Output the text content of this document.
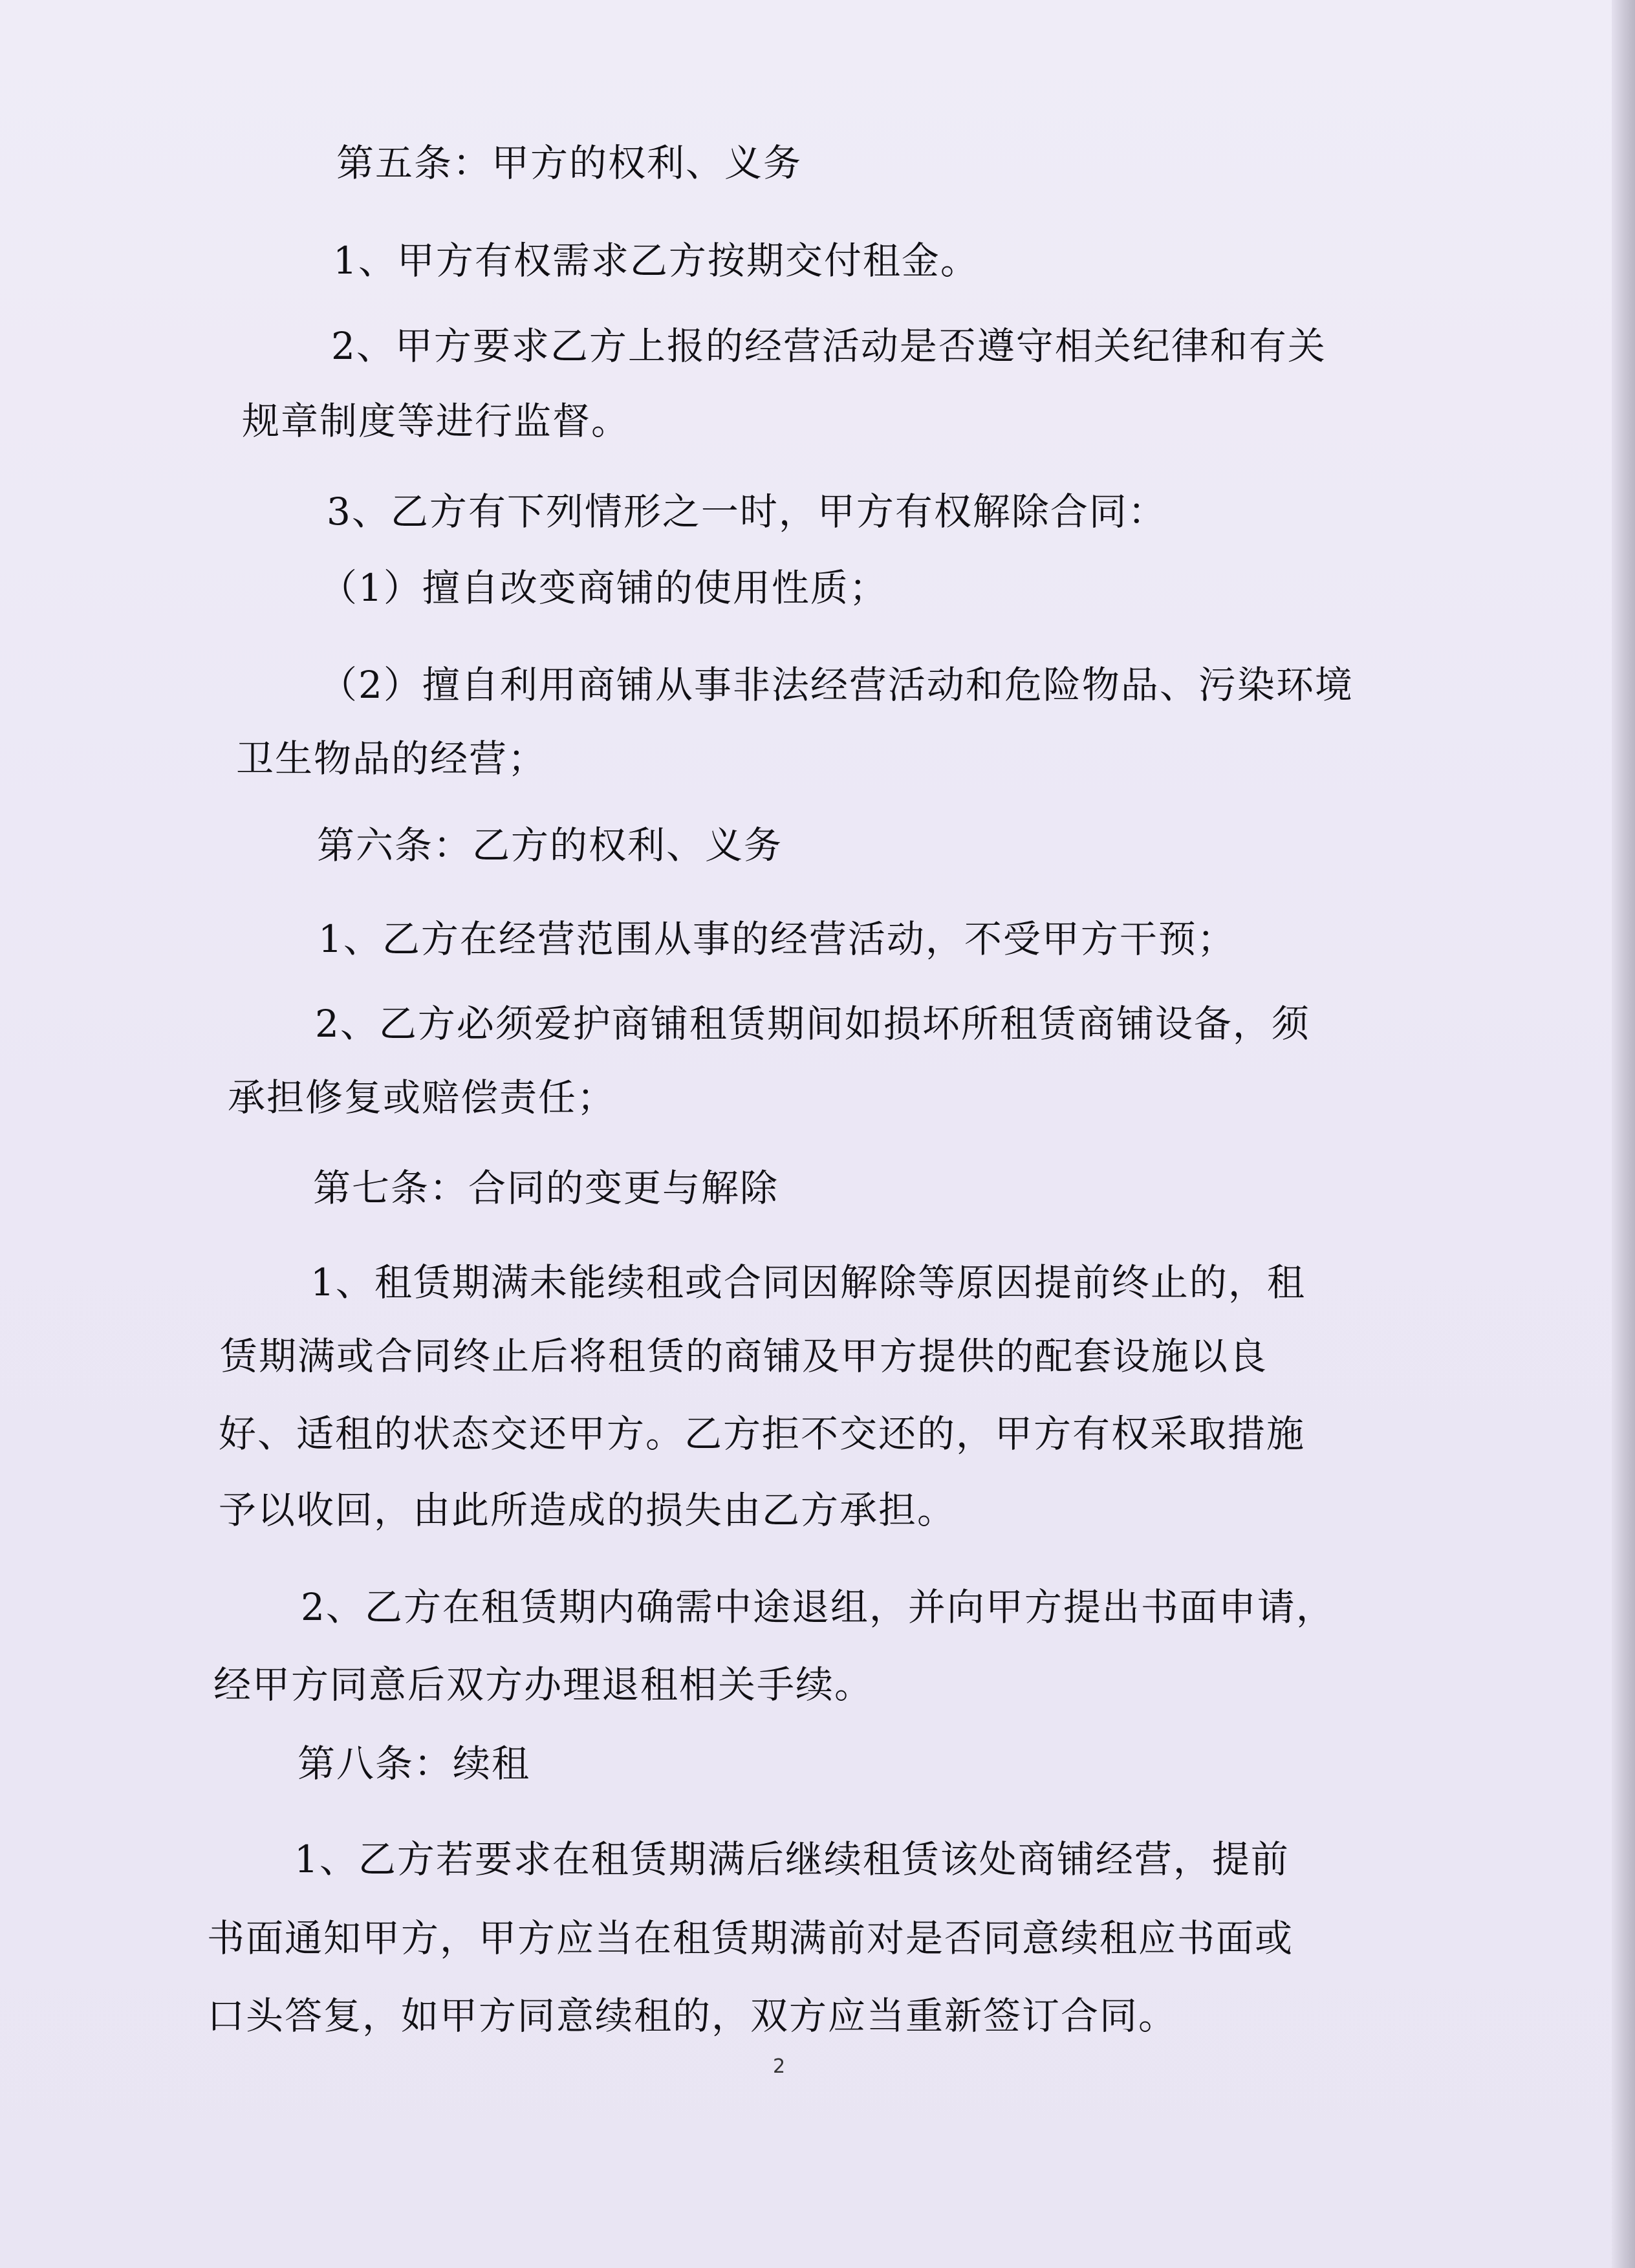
第五条：甲方的权利、义务
1、甲方有权需求乙方按期交付租金。
2、甲方要求乙方上报的经营活动是否遵守相关纪律和有关
规章制度等进行监督。
3、乙方有下列情形之一时，甲方有权解除合同：
（1）擅自改变商铺的使用性质；
（2）擅自利用商铺从事非法经营活动和危险物品、污染环境
卫生物品的经营；
第六条：乙方的权利、义务
1、乙方在经营范围从事的经营活动，不受甲方干预；
2、乙方必须爱护商铺租赁期间如损坏所租赁商铺设备，须
承担修复或赔偿责任；
第七条：合同的变更与解除
1、租赁期满未能续租或合同因解除等原因提前终止的，租
赁期满或合同终止后将租赁的商铺及甲方提供的配套设施以良
好、适租的状态交还甲方。乙方拒不交还的，甲方有权采取措施
予以收回，由此所造成的损失由乙方承担。
2、乙方在租赁期内确需中途退组，并向甲方提出书面申请，
经甲方同意后双方办理退租相关手续。
第八条：续租
1、乙方若要求在租赁期满后继续租赁该处商铺经营，提前
书面通知甲方，甲方应当在租赁期满前对是否同意续租应书面或
口头答复，如甲方同意续租的，双方应当重新签订合同。
2
